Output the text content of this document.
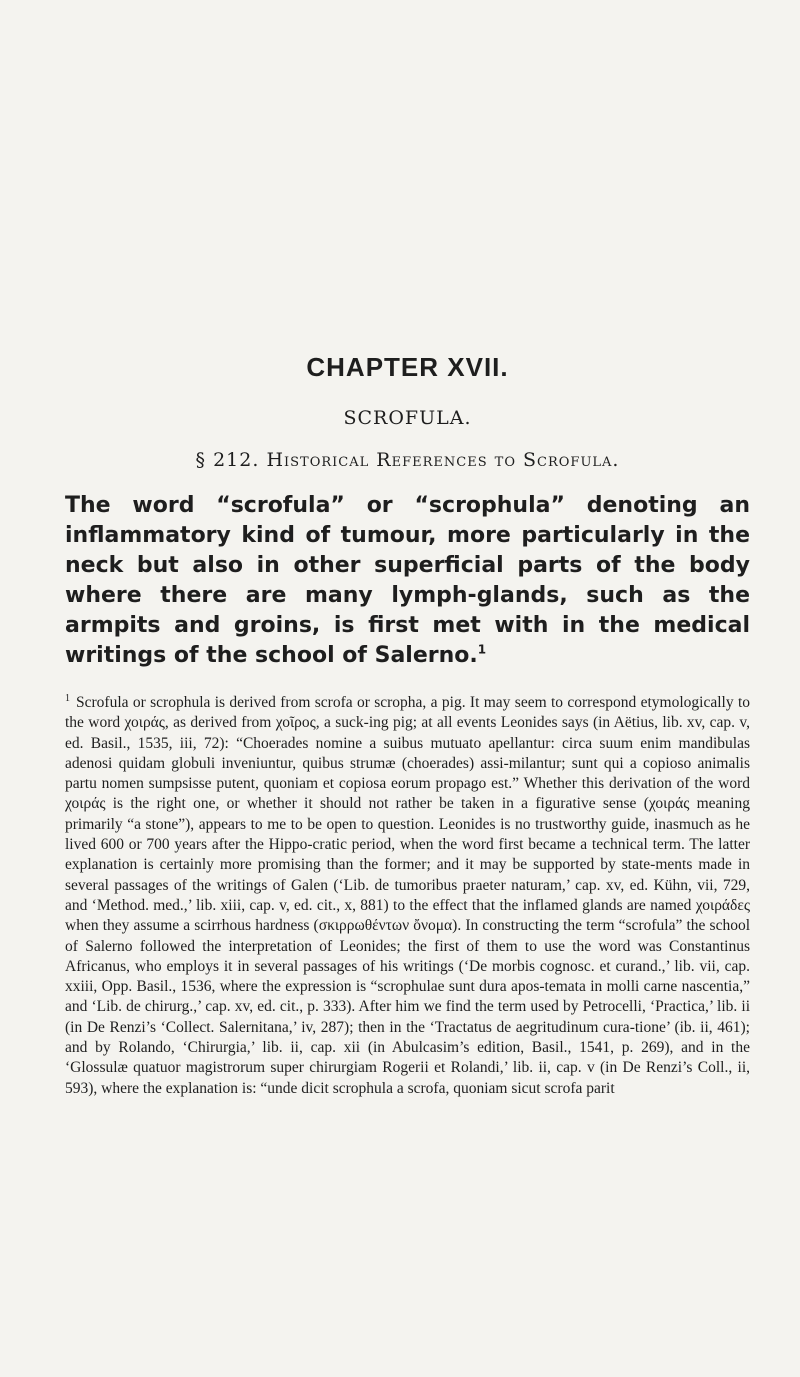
CHAPTER XVII.
SCROFULA.
§ 212. Historical References to Scrofula.

The word “scrofula” or “scrophula” denoting an inflammatory kind of tumour, more particularly in the neck but also in other superficial parts of the body where there are many lymph-glands, such as the armpits and groins, is first met with in the medical writings of the school of Salerno.$^1$

$^1$ Scrofula or scrophula is derived from scrofa or scropha, a pig. It may seem to correspond etymologically to the word χοιράς, as derived from χοῖρος, a suck-ing pig; at all events Leonides says (in Aëtius, lib. xv, cap. v, ed. Basil., 1535, iii, 72): “Choerades nomine a suibus mutuato apellantur: circa suum enim mandibulas adenosi quidam globuli inveniuntur, quibus strumæ (choerades) assi-milantur; sunt qui a copioso animalis partu nomen sumpsisse putent, quoniam et copiosa eorum propago est.” Whether this derivation of the word χοιράς is the right one, or whether it should not rather be taken in a figurative sense (χοιράς meaning primarily “a stone”), appears to me to be open to question. Leonides is no trustworthy guide, inasmuch as he lived 600 or 700 years after the Hippo-cratic period, when the word first became a technical term. The latter explanation is certainly more promising than the former; and it may be supported by state-ments made in several passages of the writings of Galen (‘Lib. de tumoribus praeter naturam,’ cap. xv, ed. Kühn, vii, 729, and ‘Method. med.,’ lib. xiii, cap. v, ed. cit., x, 881) to the effect that the inflamed glands are named χοιράδες when they assume a scirrhous hardness (σκιρρωθέντων ὄνομα). In constructing the term “scrofula” the school of Salerno followed the interpretation of Leonides; the first of them to use the word was Constantinus Africanus, who employs it in several passages of his writings (‘De morbis cognosc. et curand.,’ lib. vii, cap. xxiii, Opp. Basil., 1536, where the expression is “scrophulae sunt dura apos-temata in molli carne nascentia,” and ‘Lib. de chirurg.,’ cap. xv, ed. cit., p. 333). After him we find the term used by Petrocelli, ‘Practica,’ lib. ii (in De Renzi’s ‘Collect. Salernitana,’ iv, 287); then in the ‘Tractatus de aegritudinum cura-tione’ (ib. ii, 461); and by Rolando, ‘Chirurgia,’ lib. ii, cap. xii (in Abulcasim’s edition, Basil., 1541, p. 269), and in the ‘Glossulæ quatuor magistrorum super chirurgiam Rogerii et Rolandi,’ lib. ii, cap. v (in De Renzi’s Coll., ii, 593), where the explanation is: “unde dicit scrophula a scrofa, quoniam sicut scrofa parit
